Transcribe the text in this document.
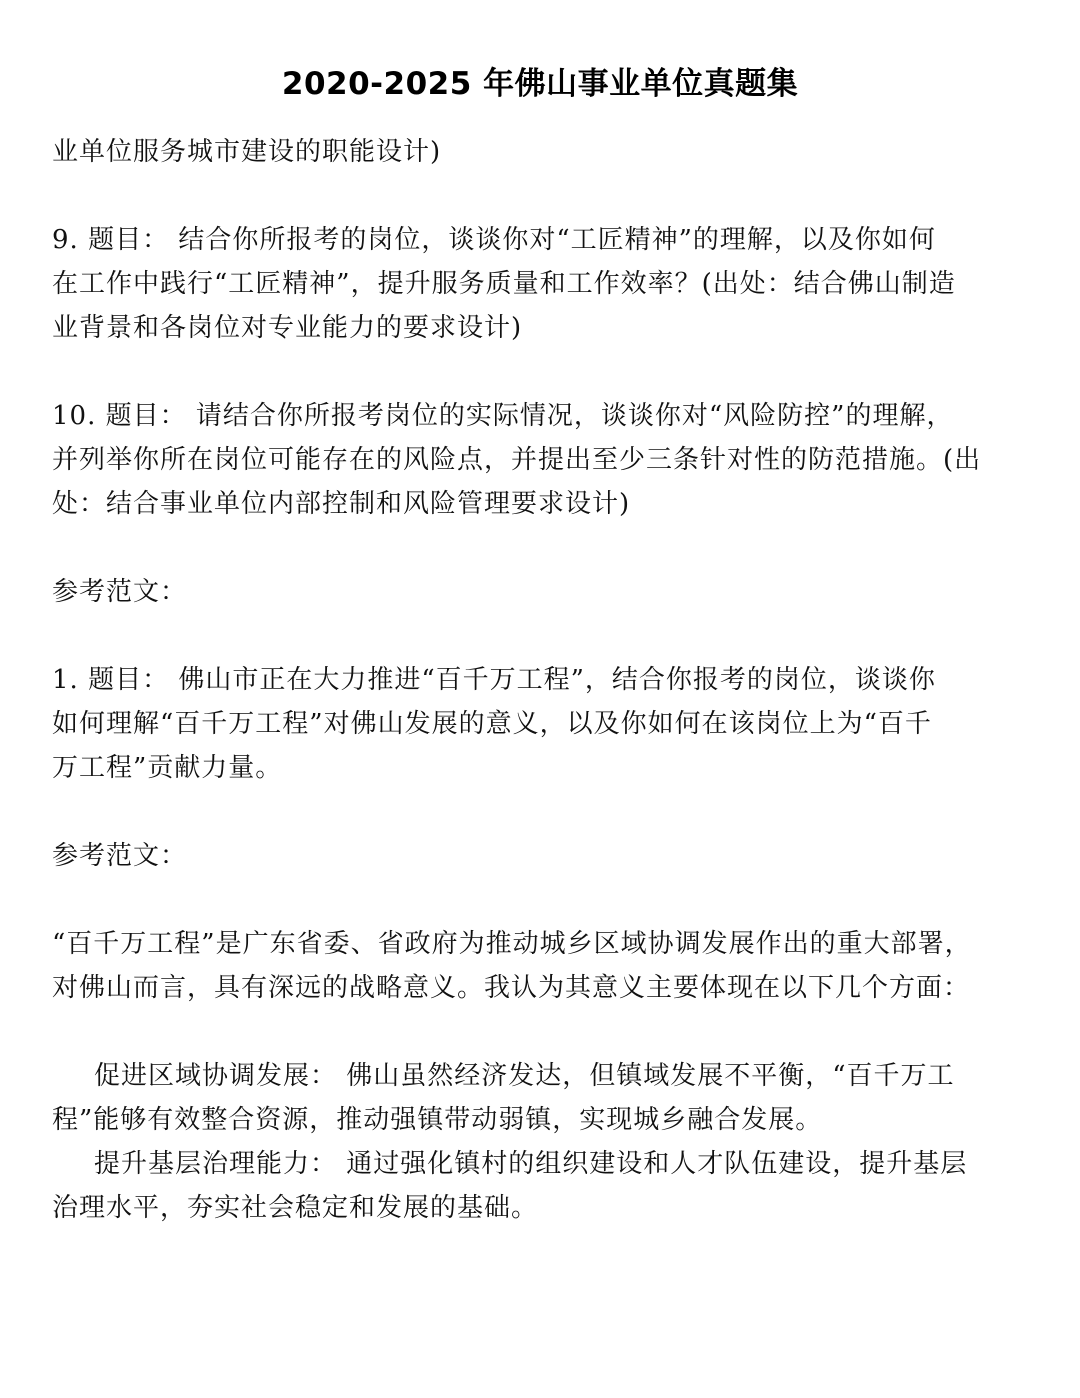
2020-2025 年佛山事业单位真题集
业单位服务城市建设的职能设计)
9. 题目： 结合你所报考的岗位，谈谈你对“工匠精神”的理解，以及你如何
在工作中践行“工匠精神”，提升服务质量和工作效率？(出处：结合佛山制造
业背景和各岗位对专业能力的要求设计)
10. 题目： 请结合你所报考岗位的实际情况，谈谈你对“风险防控”的理解，
并列举你所在岗位可能存在的风险点，并提出至少三条针对性的防范措施。(出
处：结合事业单位内部控制和风险管理要求设计)
参考范文：
1. 题目： 佛山市正在大力推进“百千万工程”，结合你报考的岗位，谈谈你
如何理解“百千万工程”对佛山发展的意义，以及你如何在该岗位上为“百千
万工程”贡献力量。
参考范文：
“百千万工程”是广东省委、省政府为推动城乡区域协调发展作出的重大部署，
对佛山而言，具有深远的战略意义。我认为其意义主要体现在以下几个方面：
促进区域协调发展： 佛山虽然经济发达，但镇域发展不平衡，“百千万工
程”能够有效整合资源，推动强镇带动弱镇，实现城乡融合发展。
提升基层治理能力： 通过强化镇村的组织建设和人才队伍建设，提升基层
治理水平，夯实社会稳定和发展的基础。
